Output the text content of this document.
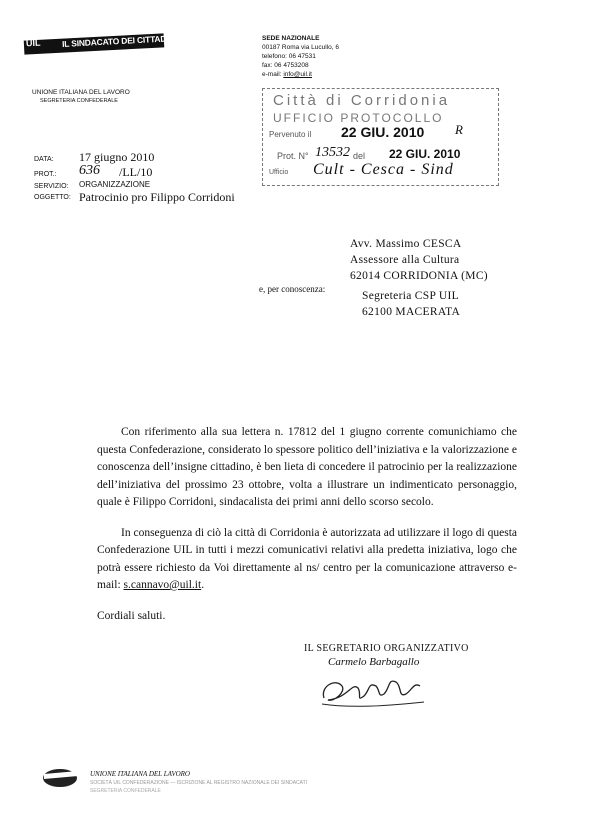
UIL IL SINDACATO DEI CITTADINI
UNIONE ITALIANA DEL LAVORO
SEGRETERIA CONFEDERALE
SEDE NAZIONALE
00187 Roma via Lucullo, 6
telefono: 06 47531
fax: 06 4753208
e-mail: info@uil.it
Città di Corridonia
UFFICIO PROTOCOLLO
Pervenuto il 22 GIU. 2010 R
Prot. N° 13532 del 22 GIU. 2010
Ufficio Cult - Cesca - Sind
DATA: 17 giugno 2010
PROT.: 636 /LL/10
SERVIZIO: ORGANIZZAZIONE
OGGETTO: Patrocinio pro Filippo Corridoni
Avv. Massimo CESCA
Assessore alla Cultura
62014 CORRIDONIA (MC)
e, per conoscenza:
Segreteria CSP UIL
62100 MACERATA

Con riferimento alla sua lettera n. 17812 del 1 giugno corrente comunichiamo che questa Confederazione, considerato lo spessore politico dell’iniziativa e la valorizzazione e conoscenza dell’insigne cittadino, è ben lieta di concedere il patrocinio per la realizzazione dell’iniziativa del prossimo 23 ottobre, volta a illustrare un indimenticato personaggio, quale è Filippo Corridoni, sindacalista dei primi anni dello scorso secolo.

In conseguenza di ciò la città di Corridonia è autorizzata ad utilizzare il logo di questa Confederazione UIL in tutti i mezzi comunicativi relativi alla predetta iniziativa, logo che potrà essere richiesto da Voi direttamente al ns/ centro per la comunicazione attraverso e-mail: s.cannavo@uil.it.

Cordiali saluti.

IL SEGRETARIO ORGANIZZATIVO
Carmelo Barbagallo
UNIONE ITALIANA DEL LAVORO
SOCIETÀ UIL CONFEDERAZIONE — ISCRIZIONE AL REGISTRO NAZIONALE DEI SINDACATI
SEGRETERIA CONFEDERALE
